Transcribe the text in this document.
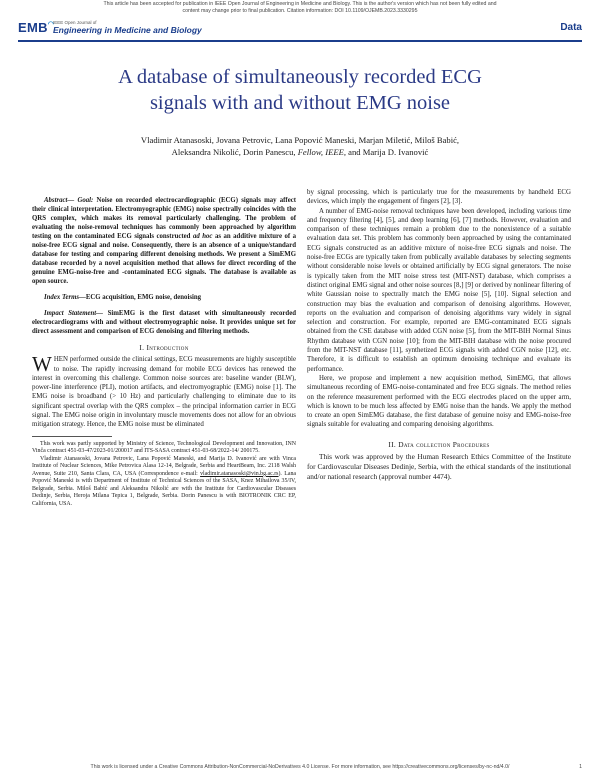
This article has been accepted for publication in IEEE Open Journal of Engineering in Medicine and Biology. This is the author's version which has not been fully edited and
content may change prior to final publication. Citation information: DOI 10.1109/OJEMB.2023.3330295
EMB◠
IEEE Open Journal of
Engineering in Medicine and Biology	Data
A database of simultaneously recorded ECG
signals with and without EMG noise
Vladimir Atanasoski, Jovana Petrovic, Lana Popović Maneski, Marjan Miletić, Miloš Babić,
Aleksandra Nikolić, Dorin Panescu, Fellow, IEEE, and Marija D. Ivanović

Abstract— Goal: Noise on recorded electrocardiographic (ECG) signals may affect their clinical interpretation. Electromyographic (EMG) noise spectrally coincides with the QRS complex, which makes its removal particularly challenging. The problem of evaluating the noise-removal techniques has commonly been approached by algorithm testing on the contaminated ECG signals constructed ad hoc as an additive mixture of a noise-free ECG signal and noise. Consequently, there is an absence of a unique/standard database for testing and comparing different denoising methods. We present a SimEMG database recorded by a novel acquisition method that allows for direct recording of the genuine EMG-noise-free and -contaminated ECG signals. The database is available as open source.

Index Terms—ECG acquisition, EMG noise, denoising

Impact Statement— SimEMG is the first dataset with simultaneously recorded electrocardiograms with and without electromyographic noise. It provides unique set for direct assessment and comparison of ECG denoising and filtering methods.

I. Introduction

WHEN performed outside the clinical settings, ECG measurements are highly susceptible to noise. The rapidly increasing demand for mobile ECG devices has renewed the interest in overcoming this challenge. Common noise sources are: baseline wander (BLW), power-line interference (PLI), motion artifacts, and electromyographic (EMG) noise [1]. The EMG noise is broadband (> 10 Hz) and particularly challenging to eliminate due to its significant spectral overlap with the QRS complex – the principal information carrier in ECG signal. The EMG noise origin in involuntary muscle movements does not allow for an obvious mitigation strategy. Hence, the EMG noise must be eliminated

This work was partly supported by Ministry of Science, Technological Development and Innovation, INN Vinča contract 451-03-47/2023-01/200017 and ITS-SASA contract 451-03-68/2022-14/ 200175.

Vladimir Atanasoski, Jovana Petrovic, Lana Popović Maneski, and Marija D. Ivanović are with Vinca Institute of Nuclear Sciences, Mike Petrovica Alasa 12-14, Belgrade, Serbia and HeartBeam, Inc. 2118 Walsh Avenue, Suite 210, Santa Clara, CA, USA (Correspondence e-mail: vladimir.atanasoski@vin.bg.ac.rs). Lana Popović Maneski is with Department of Institute of Technical Sciences of the SASA, Knez Mihailova 35/IV, Belgrade, Serbia. Miloš Babić and Aleksandra Nikolić are with the Institute for Cardiovascular Diseases Dedinje, Serbia, Heroja Milana Tepica 1, Belgrade, Serbia. Dorin Panescu is with BIOTRONIK CRC EP, California, USA.

by signal processing, which is particularly true for the measurements by handheld ECG devices, which imply the engagement of fingers [2], [3].

A number of EMG-noise removal techniques have been developed, including various time and frequency filtering [4], [5], and deep learning [6], [7] methods. However, evaluation and comparison of these techniques remain a problem due to the nonexistence of a suitable evaluation data set. This problem has commonly been approached by using the contaminated ECG signals constructed as an additive mixture of noise-free ECG signals and noise. The noise-free ECGs are typically taken from publically available databases by selecting segments without considerable noise levels or obtained artificially by ECG signal generators. The noise is typically taken from the MIT noise stress test (MIT-NST) database, which comprises a distinct original EMG signal and other noise sources [8,] [9] or derived by nonlinear filtering of white Gaussian noise to spectrally match the EMG noise [5], [10]. Signal selection and construction may bias the evaluation and comparison of denoising algorithms. However, reports on the evaluation and comparison of denoising algorithms vary widely in signal selection and construction. For example, reported are EMG-contaminated ECG signals obtained from the CSE database with added CGN noise [5], from the MIT-BIH Normal Sinus Rhythm database with CGN noise [10]; from the MIT-BIH database with the noise procured from the MIT-NST database [11], synthetized ECG signals with added CGN noise [12], etc. Therefore, it is difficult to establish an optimum denoising technique and evaluate its performance.

Here, we propose and implement a new acquisition method, SimEMG, that allows simultaneous recording of EMG-noise-contaminated and free ECG signals. The method relies on the reference measurement performed with the ECG electrodes placed on the upper arm, which is known to be much less affected by EMG noise than the hands. We apply the method to create an open SimEMG database, the first database of genuine noisy and EMG-noise-free signals suitable for evaluating and comparing denoising algorithms.

II. Data collection Procedures

This work was approved by the Human Research Ethics Committee of the Institute for Cardiovascular Diseases Dedinje, Serbia, with the ethical standards of the institutional and/or national research (approval number 4474).

This work is licensed under a Creative Commons Attribution-NonCommercial-NoDerivatives 4.0 License. For more information, see https://creativecommons.org/licenses/by-nc-nd/4.0/	1
